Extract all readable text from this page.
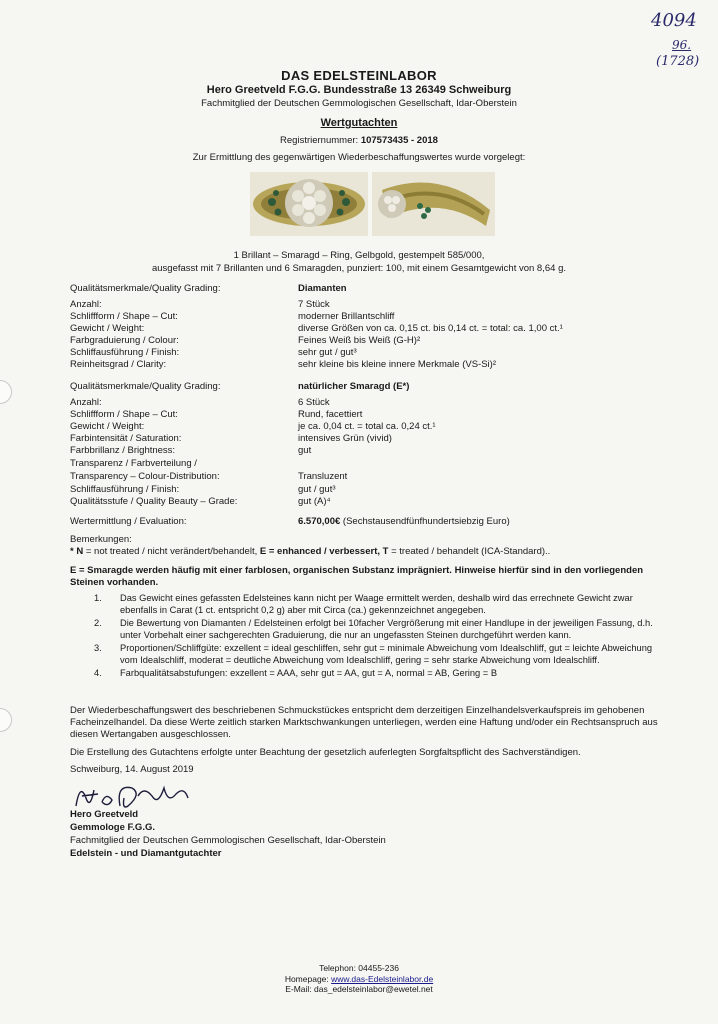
4094
96.
(1728)
DAS EDELSTEINLABOR
Hero Greetveld F.G.G. Bundesstraße 13 26349 Schweiburg
Fachmitglied der Deutschen Gemmologischen Gesellschaft, Idar-Oberstein
Wertgutachten
Registriernummer: 107573435 - 2018
Zur Ermittlung des gegenwärtigen Wiederbeschaffungswertes wurde vorgelegt:
1 Brillant – Smaragd – Ring, Gelbgold, gestempelt 585/000,
ausgefasst mit 7 Brillanten und 6 Smaragden, punziert: 100, mit einem Gesamtgewicht von 8,64 g.
Qualitätsmerkmale/Quality Grading:	Diamanten
Anzahl:	7 Stück
Schliffform / Shape – Cut:	moderner Brillantschliff
Gewicht / Weight:	diverse Größen von ca. 0,15 ct. bis 0,14 ct. = total: ca. 1,00 ct.¹
Farbgraduierung / Colour:	Feines Weiß bis Weiß (G-H)²
Schliffausführung / Finish:	sehr gut / gut³
Reinheitsgrad / Clarity:	sehr kleine bis kleine innere Merkmale (VS-Si)²
Qualitätsmerkmale/Quality Grading:	natürlicher Smaragd (E*)
Anzahl:	6 Stück
Schliffform / Shape – Cut:	Rund, facettiert
Gewicht / Weight:	je ca. 0,04 ct. = total ca. 0,24 ct.¹
Farbintensität / Saturation:	intensives Grün (vivid)
Farbbrillanz / Brightness:	gut
Transparenz / Farbverteilung /
Transparency – Colour-Distribution:	Transluzent
Schliffausführung / Finish:	gut / gut³
Qualitätsstufe / Quality Beauty – Grade:	gut (A)⁴
Wertermittlung / Evaluation:	6.570,00€ (Sechstausendfünfhundertsiebzig Euro)
Bemerkungen:
* N = not treated / nicht verändert/behandelt, E = enhanced / verbessert, T = treated / behandelt (ICA-Standard)..
E = Smaragde werden häufig mit einer farblosen, organischen Substanz imprägniert. Hinweise hierfür sind in den vorliegenden Steinen vorhanden.
1.	Das Gewicht eines gefassten Edelsteines kann nicht per Waage ermittelt werden, deshalb wird das errechnete Gewicht zwar ebenfalls in Carat (1 ct. entspricht 0,2 g) aber mit Circa (ca.) gekennzeichnet angegeben.
2.	Die Bewertung von Diamanten / Edelsteinen erfolgt bei 10facher Vergrößerung mit einer Handlupe in der jeweiligen Fassung, d.h. unter Vorbehalt einer sachgerechten Graduierung, die nur an ungefassten Steinen durchgeführt werden kann.
3.	Proportionen/Schliffgüte: exzellent = ideal geschliffen, sehr gut = minimale Abweichung vom Idealschliff, gut = leichte Abweichung vom Idealschliff, moderat = deutliche Abweichung vom Idealschliff, gering = sehr starke Abweichung vom Idealschliff.
4.	Farbqualitätsabstufungen: exzellent = AAA, sehr gut = AA, gut = A, normal = AB, Gering = B
Der Wiederbeschaffungswert des beschriebenen Schmuckstückes entspricht dem derzeitigen Einzelhandelsverkaufspreis im gehobenen Facheinzelhandel. Da diese Werte zeitlich starken Marktschwankungen unterliegen, werden eine Haftung und/oder ein Rechtsanspruch aus diesen Wertangaben ausgeschlossen.
Die Erstellung des Gutachtens erfolgte unter Beachtung der gesetzlich auferlegten Sorgfaltspflicht des Sachverständigen.
Schweiburg, 14. August 2019
Hero Greetveld
Gemmologe F.G.G.
Fachmitglied der Deutschen Gemmologischen Gesellschaft, Idar-Oberstein
Edelstein - und Diamantgutachter
Telephon: 04455-236
Homepage: www.das-Edelsteinlabor.de
E-Mail: das_edelsteinlabor@ewetel.net
